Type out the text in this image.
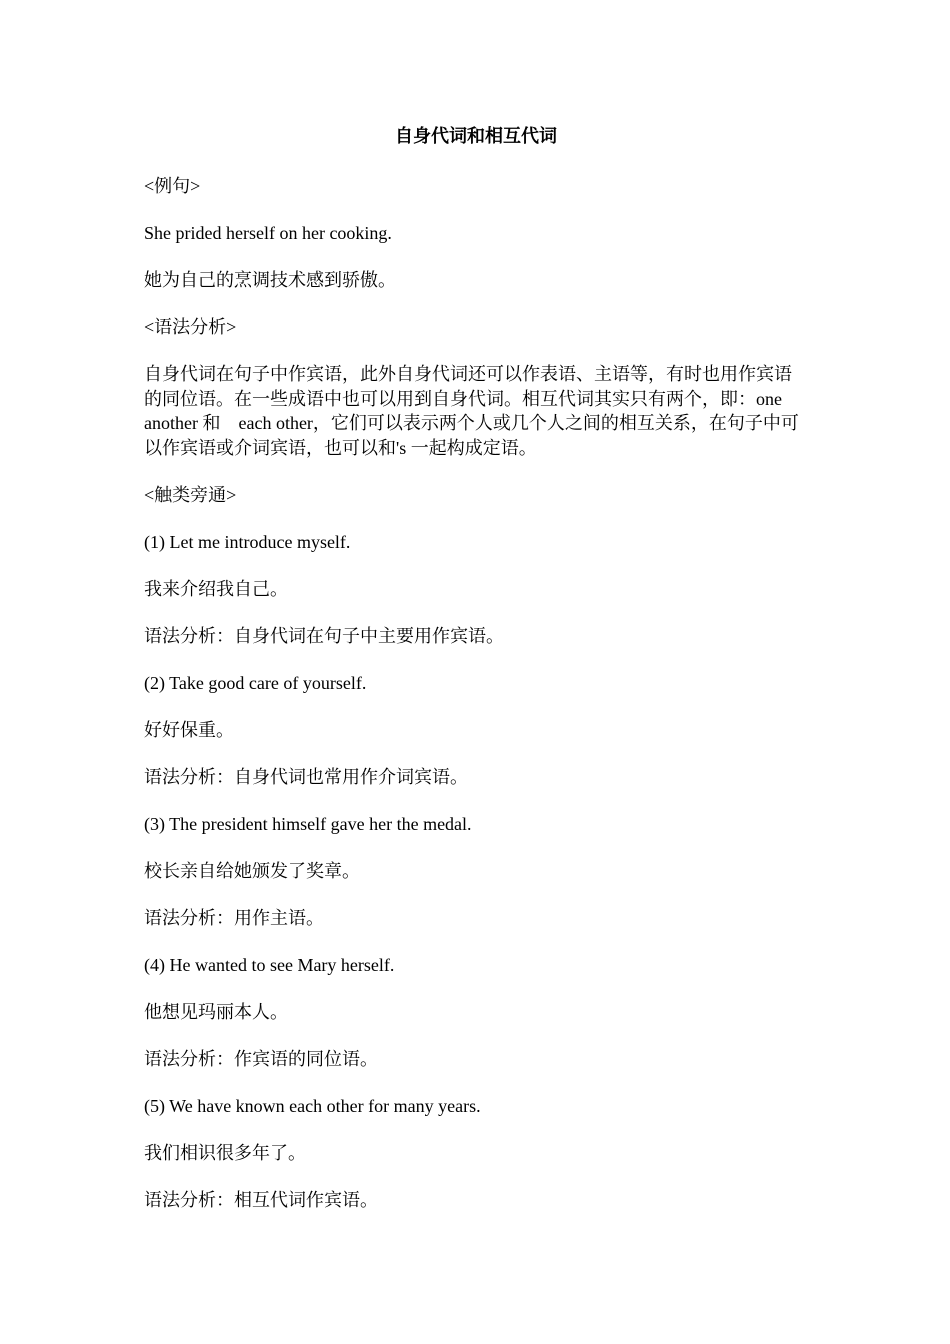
自身代词和相互代词
<例句>
She prided herself on her cooking.
她为自己的烹调技术感到骄傲。
<语法分析>
自身代词在句子中作宾语，此外自身代词还可以作表语、主语等，有时也用作宾语的同位语。在一些成语中也可以用到自身代词。相互代词其实只有两个，即：one another 和　each other，它们可以表示两个人或几个人之间的相互关系，在句子中可以作宾语或介词宾语，也可以和's 一起构成定语。
<触类旁通>
(1) Let me introduce myself.
我来介绍我自己。
语法分析：自身代词在句子中主要用作宾语。
(2) Take good care of yourself.
好好保重。
语法分析：自身代词也常用作介词宾语。
(3) The president himself gave her the medal.
校长亲自给她颁发了奖章。
语法分析：用作主语。
(4) He wanted to see Mary herself.
他想见玛丽本人。
语法分析：作宾语的同位语。
(5) We have known each other for many years.
我们相识很多年了。
语法分析：相互代词作宾语。
